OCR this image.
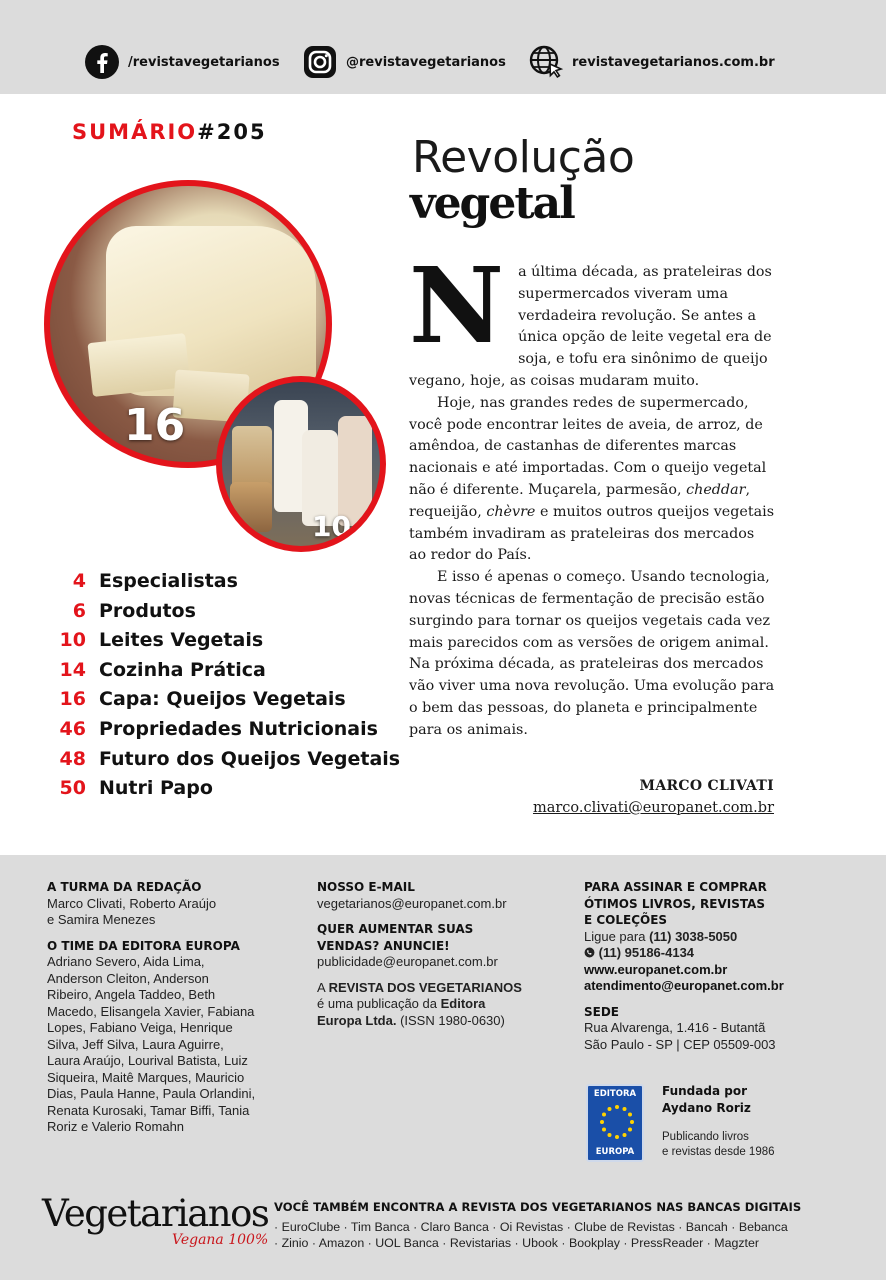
/revistavegetarianos	@revistavegetarianos	revistavegetarianos.com.br
SUMÁRIO#205
16
10
4 Especialistas
6 Produtos
10 Leites Vegetais
14 Cozinha Prática
16 Capa: Queijos Vegetais
46 Propriedades Nutricionais
48 Futuro dos Queijos Vegetais
50 Nutri Papo
Revolução
vegetal

Na última década, as prateleiras dos supermercados viveram uma verdadeira revolução. Se antes a única opção de leite vegetal era de soja, e tofu era sinônimo de queijo vegano, hoje, as coisas mudaram muito.

Hoje, nas grandes redes de supermercado, você pode encontrar leites de aveia, de arroz, de amêndoa, de castanhas de diferentes marcas nacionais e até importadas. Com o queijo vegetal não é diferente. Muçarela, parmesão, cheddar, requeijão, chèvre e muitos outros queijos vegetais também invadiram as prateleiras dos mercados ao redor do País.

E isso é apenas o começo. Usando tecnologia, novas técnicas de fermentação de precisão estão surgindo para tornar os queijos vegetais cada vez mais parecidos com as versões de origem animal. Na próxima década, as prateleiras dos mercados vão viver uma nova revolução. Uma evolução para o bem das pessoas, do planeta e principalmente para os animais.

MARCO CLIVATI
marco.clivati@europanet.com.br
A TURMA DA REDAÇÃO
Marco Clivati, Roberto Araújo
e Samira Menezes
O TIME DA EDITORA EUROPA
Adriano Severo, Aida Lima,
Anderson Cleiton, Anderson
Ribeiro, Angela Taddeo, Beth
Macedo, Elisangela Xavier, Fabiana
Lopes, Fabiano Veiga, Henrique
Silva, Jeff Silva, Laura Aguirre,
Laura Araújo, Lourival Batista, Luiz
Siqueira, Maitê Marques, Mauricio
Dias, Paula Hanne, Paula Orlandini,
Renata Kurosaki, Tamar Biffi, Tania
Roriz e Valerio Romahn
NOSSO E-MAIL
vegetarianos@europanet.com.br
QUER AUMENTAR SUAS
VENDAS? ANUNCIE!
publicidade@europanet.com.br
A REVISTA DOS VEGETARIANOS
é uma publicação da Editora
Europa Ltda. (ISSN 1980-0630)
PARA ASSINAR E COMPRAR
ÓTIMOS LIVROS, REVISTAS
E COLEÇÕES
Ligue para (11) 3038-5050
(11) 95186-4134
www.europanet.com.br
atendimento@europanet.com.br
SEDE
Rua Alvarenga, 1.416 - Butantã
São Paulo - SP | CEP 05509-003
EDITORA
EUROPA
Fundada por
Aydano Roriz
Publicando livros
e revistas desde 1986
Vegetarianos
Vegana 100%
VOCÊ TAMBÉM ENCONTRA A REVISTA DOS VEGETARIANOS NAS BANCAS DIGITAIS
· EuroClube · Tim Banca · Claro Banca · Oi Revistas · Clube de Revistas · Bancah · Bebanca
· Zinio · Amazon · UOL Banca · Revistarias · Ubook · Bookplay · PressReader · Magzter
